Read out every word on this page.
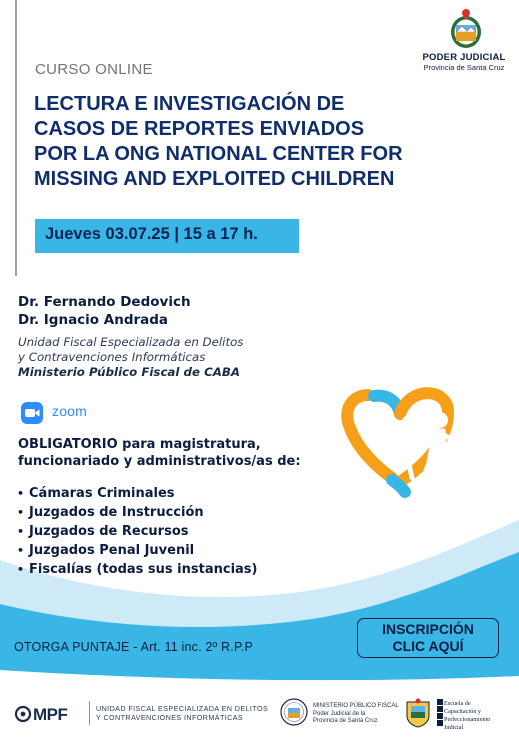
PODER JUDICIAL
Provincia de Santa Cruz
CURSO ONLINE
LECTURA E INVESTIGACIÓN DE
CASOS DE REPORTES ENVIADOS
POR LA ONG NATIONAL CENTER FOR
MISSING AND EXPLOITED CHILDREN
Jueves 03.07.25 | 15 a 17 h.
Dr. Fernando Dedovich
Dr. Ignacio Andrada
Unidad Fiscal Especializada en Delitos
y Contravenciones Informáticas
Ministerio Público Fiscal de CABA
zoom
OBLIGATORIO para magistratura,
funcionariado y administrativos/as de:
• Cámaras Criminales
• Juzgados de Instrucción
• Juzgados de Recursos
• Juzgados Penal Juvenil
• Fiscalías (todas sus instancias)
OTORGA PUNTAJE - Art. 11 inc. 2º R.P.P
INSCRIPCIÓN
CLIC AQUÍ
MPF	UNIDAD FISCAL ESPECIALIZADA EN DELITOS
Y CONTRAVENCIONES INFORMÁTICAS
MINISTERIO PÚBLICO FISCAL
Poder Judicial de la
Provincia de Santa Cruz
Escuela de
Capacitación y
Perfeccionamiento
Judicial
